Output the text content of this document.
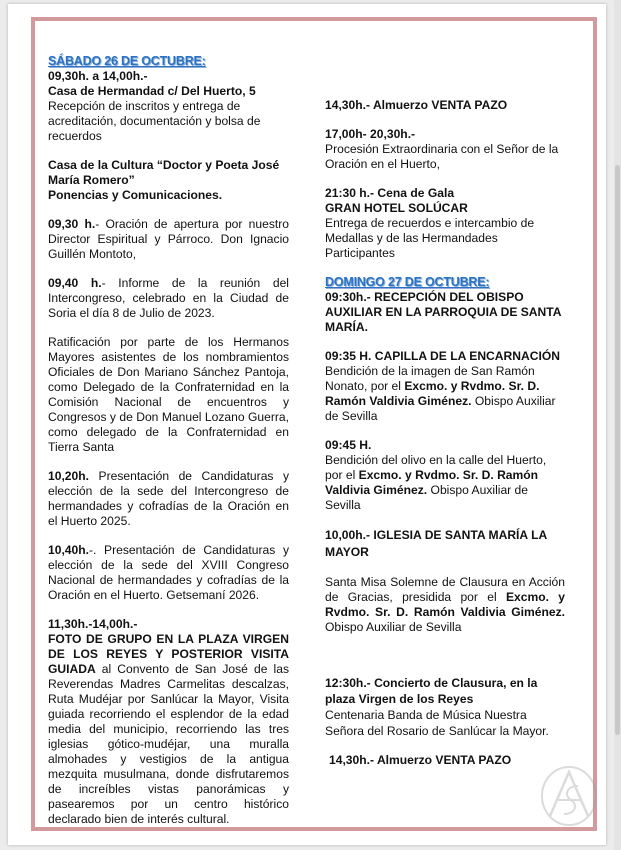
SÁBADO 26 DE OCTUBRE:

09,30h. a 14,00h.-

Casa de Hermandad c/ Del Huerto, 5

Recepción de inscritos y entrega de acreditación, documentación y bolsa de recuerdos

Casa de la Cultura “Doctor y Poeta José María Romero”

Ponencias y Comunicaciones.

09,30 h.- Oración de apertura por nuestro Director Espiritual y Párroco. Don Ignacio Guillén Montoto,
09,40 h.- Informe de la reunión del Intercongreso, celebrado en la Ciudad de Soria el día 8 de Julio de 2023.
Ratificación por parte de los Hermanos Mayores asistentes de los nombramientos Oficiales de Don Mariano Sánchez Pantoja, como Delegado de la Confraternidad en la Comisión Nacional de encuentros y Congresos y de Don Manuel Lozano Guerra, como delegado de la Confraternidad en Tierra Santa
10,20h. Presentación de Candidaturas y elección de la sede del Intercongreso de hermandades y cofradías de la Oración en el Huerto 2025.
10,40h.-. Presentación de Candidaturas y elección de la sede del XVIII Congreso Nacional de hermandades y cofradías de la Oración en el Huerto. Getsemaní 2026.

11,30h.-14,00h.-

FOTO DE GRUPO EN LA PLAZA VIRGEN DE LOS REYES Y POSTERIOR VISITA GUIADA al Convento de San José de las Reverendas Madres Carmelitas descalzas, Ruta Mudéjar por Sanlúcar la Mayor, Visita guiada recorriendo el esplendor de la edad media del municipio, recorriendo las tres iglesias gótico-mudéjar, una muralla almohades y vestigios de la antigua mezquita musulmana, donde disfrutaremos de increíbles vistas panorámicas y pasearemos por un centro histórico declarado bien de interés cultural.

14,30h.- Almuerzo VENTA PAZO

17,00h- 20,30h.-

Procesión Extraordinaria con el Señor de la Oración en el Huerto,

21:30 h.- Cena de Gala

GRAN HOTEL SOLÚCAR

Entrega de recuerdos e intercambio de Medallas y de las Hermandades Participantes

DOMINGO 27 DE OCTUBRE:

09:30h.- RECEPCIÓN DEL OBISPO AUXILIAR EN LA PARROQUIA DE SANTA MARÍA.

09:35 H. CAPILLA DE LA ENCARNACIÓN

Bendición de la imagen de San Ramón Nonato, por el Excmo. y Rvdmo. Sr. D. Ramón Valdivia Giménez. Obispo Auxiliar de Sevilla

09:45 H.

Bendición del olivo en la calle del Huerto, por el Excmo. y Rvdmo. Sr. D. Ramón Valdivia Giménez. Obispo Auxiliar de Sevilla

10,00h.- IGLESIA DE SANTA MARÍA LA MAYOR

Santa Misa Solemne de Clausura en Acción de Gracias, presidida por el Excmo. y Rvdmo. Sr. D. Ramón Valdivia Giménez. Obispo Auxiliar de Sevilla

12:30h.- Concierto de Clausura, en la plaza Virgen de los Reyes

Centenaria Banda de Música Nuestra Señora del Rosario de Sanlúcar la Mayor.

14,30h.- Almuerzo VENTA PAZO
